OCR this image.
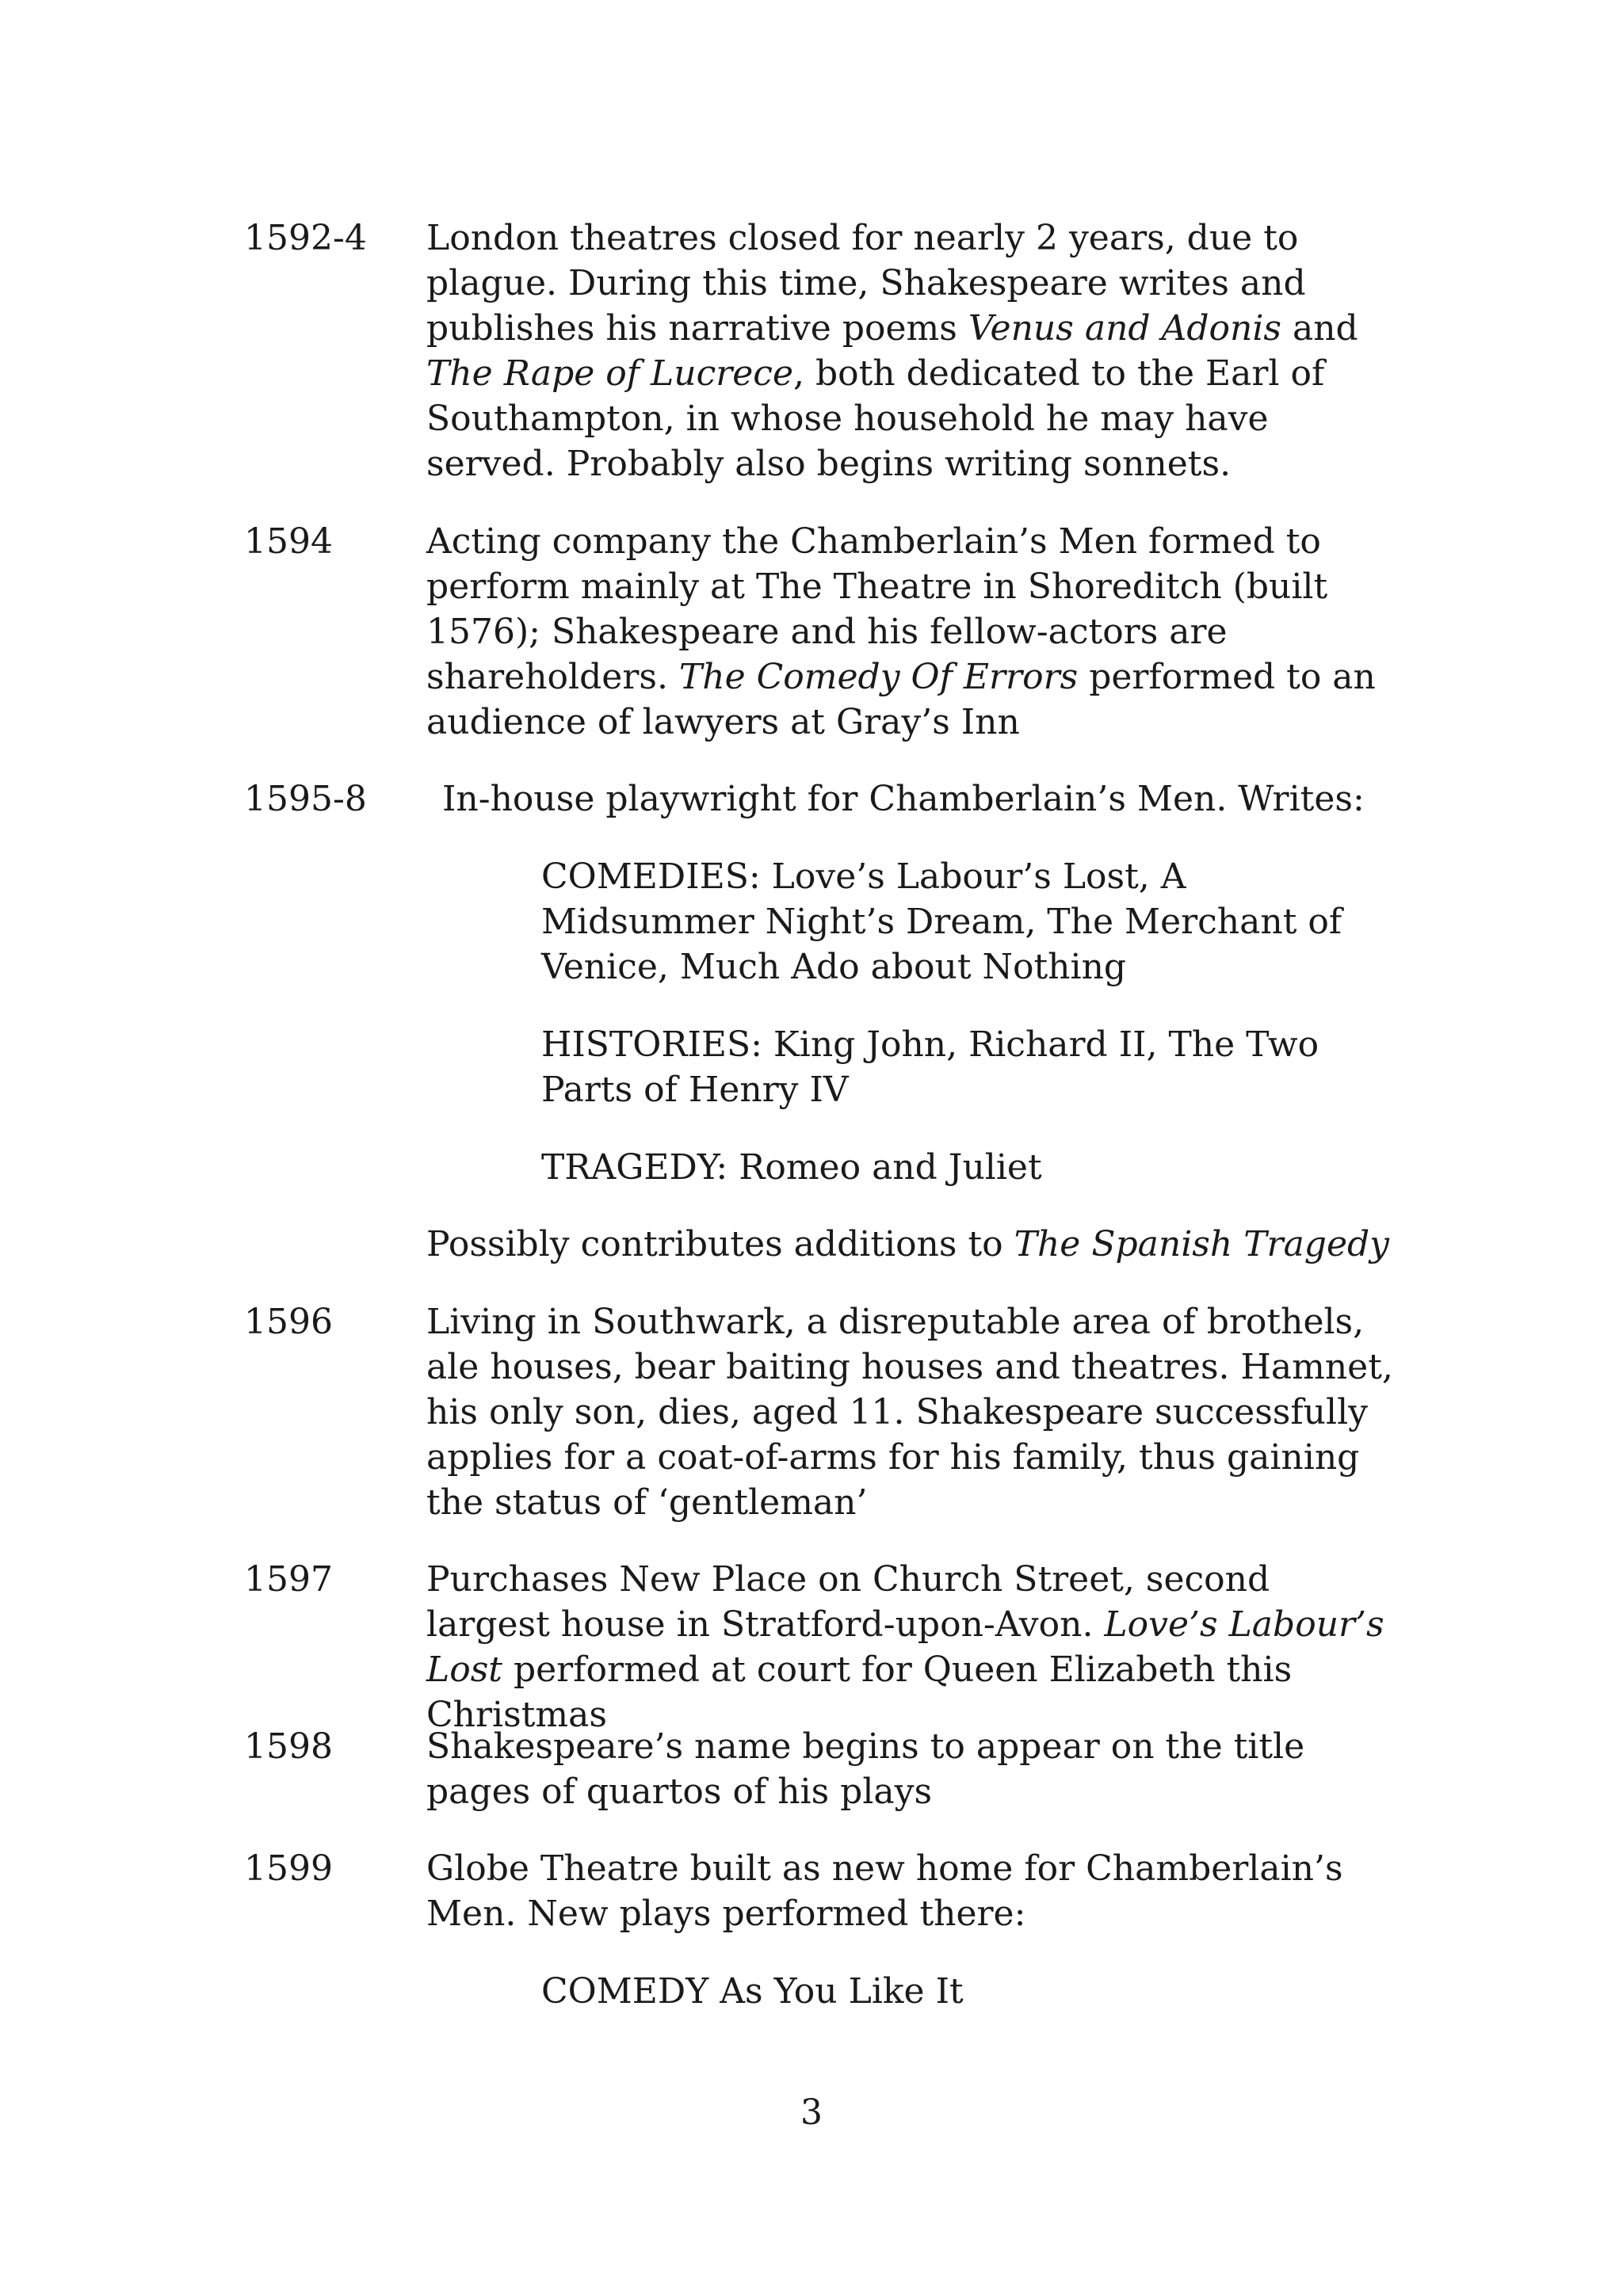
1592-4 London theatres closed for nearly 2 years, due to plague. During this time, Shakespeare writes and publishes his narrative poems Venus and Adonis and The Rape of Lucrece, both dedicated to the Earl of Southampton, in whose household he may have served. Probably also begins writing sonnets.
1594	Acting company the Chamberlain’s Men formed to perform mainly at The Theatre in Shoreditch (built 1576); Shakespeare and his fellow-actors are shareholders. The Comedy Of Errors performed to an audience of lawyers at Gray’s Inn
1595-8 In-house playwright for Chamberlain’s Men. Writes:
COMEDIES: Love’s Labour’s Lost, A Midsummer Night’s Dream, The Merchant of Venice, Much Ado about Nothing
HISTORIES: King John, Richard II, The Two Parts of Henry IV
TRAGEDY: Romeo and Juliet
Possibly contributes additions to The Spanish Tragedy
1596	Living in Southwark, a disreputable area of brothels, ale houses, bear baiting houses and theatres. Hamnet, his only son, dies, aged 11. Shakespeare successfully applies for a coat-of-arms for his family, thus gaining the status of ‘gentleman’
1597	Purchases New Place on Church Street, second largest house in Stratford-upon-Avon. Love’s Labour’s Lost performed at court for Queen Elizabeth this Christmas
1598	Shakespeare’s name begins to appear on the title pages of quartos of his plays
1599	Globe Theatre built as new home for Chamberlain’s Men. New plays performed there:
COMEDY As You Like It
3
